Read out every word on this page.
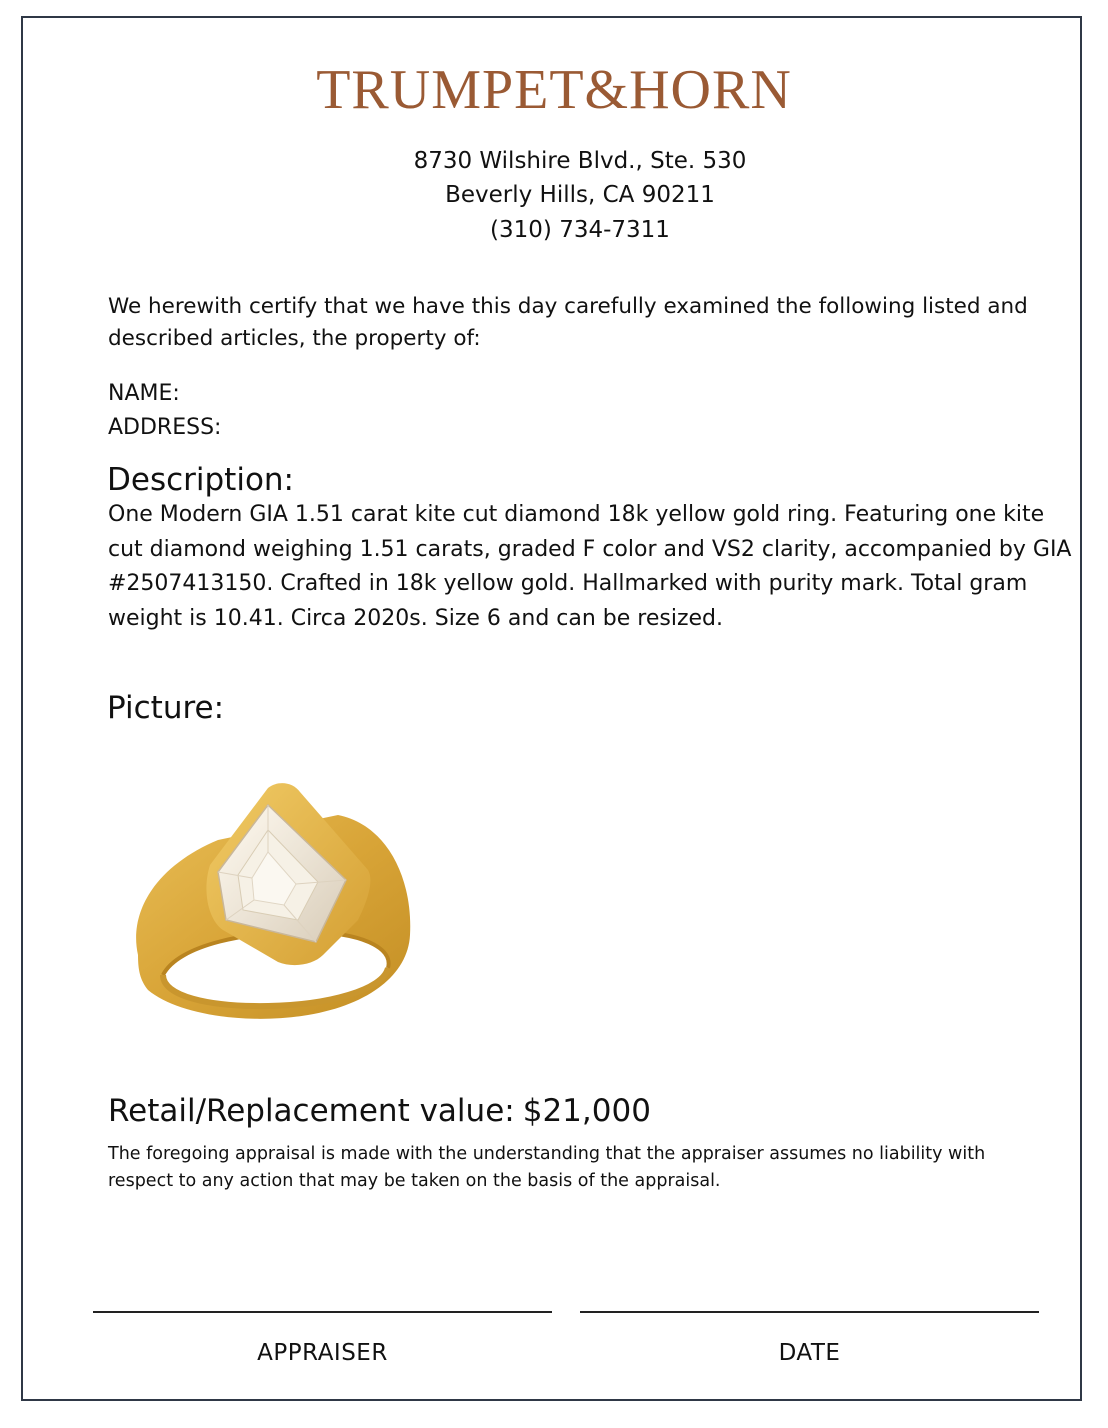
TRUMPET&HORN
8730 Wilshire Blvd., Ste. 530
Beverly Hills, CA 90211
(310) 734-7311
We herewith certify that we have this day carefully examined the following listed and described articles, the property of:
NAME:
ADDRESS:
Description:
One Modern GIA 1.51 carat kite cut diamond 18k yellow gold ring. Featuring one kite cut diamond weighing 1.51 carats, graded F color and VS2 clarity, accompanied by GIA #2507413150. Crafted in 18k yellow gold. Hallmarked with purity mark. Total gram weight is 10.41. Circa 2020s. Size 6 and can be resized.
Picture:
Retail/Replacement value: $21,000
The foregoing appraisal is made with the understanding that the appraiser assumes no liability with respect to any action that may be taken on the basis of the appraisal.
APPRAISER	DATE
